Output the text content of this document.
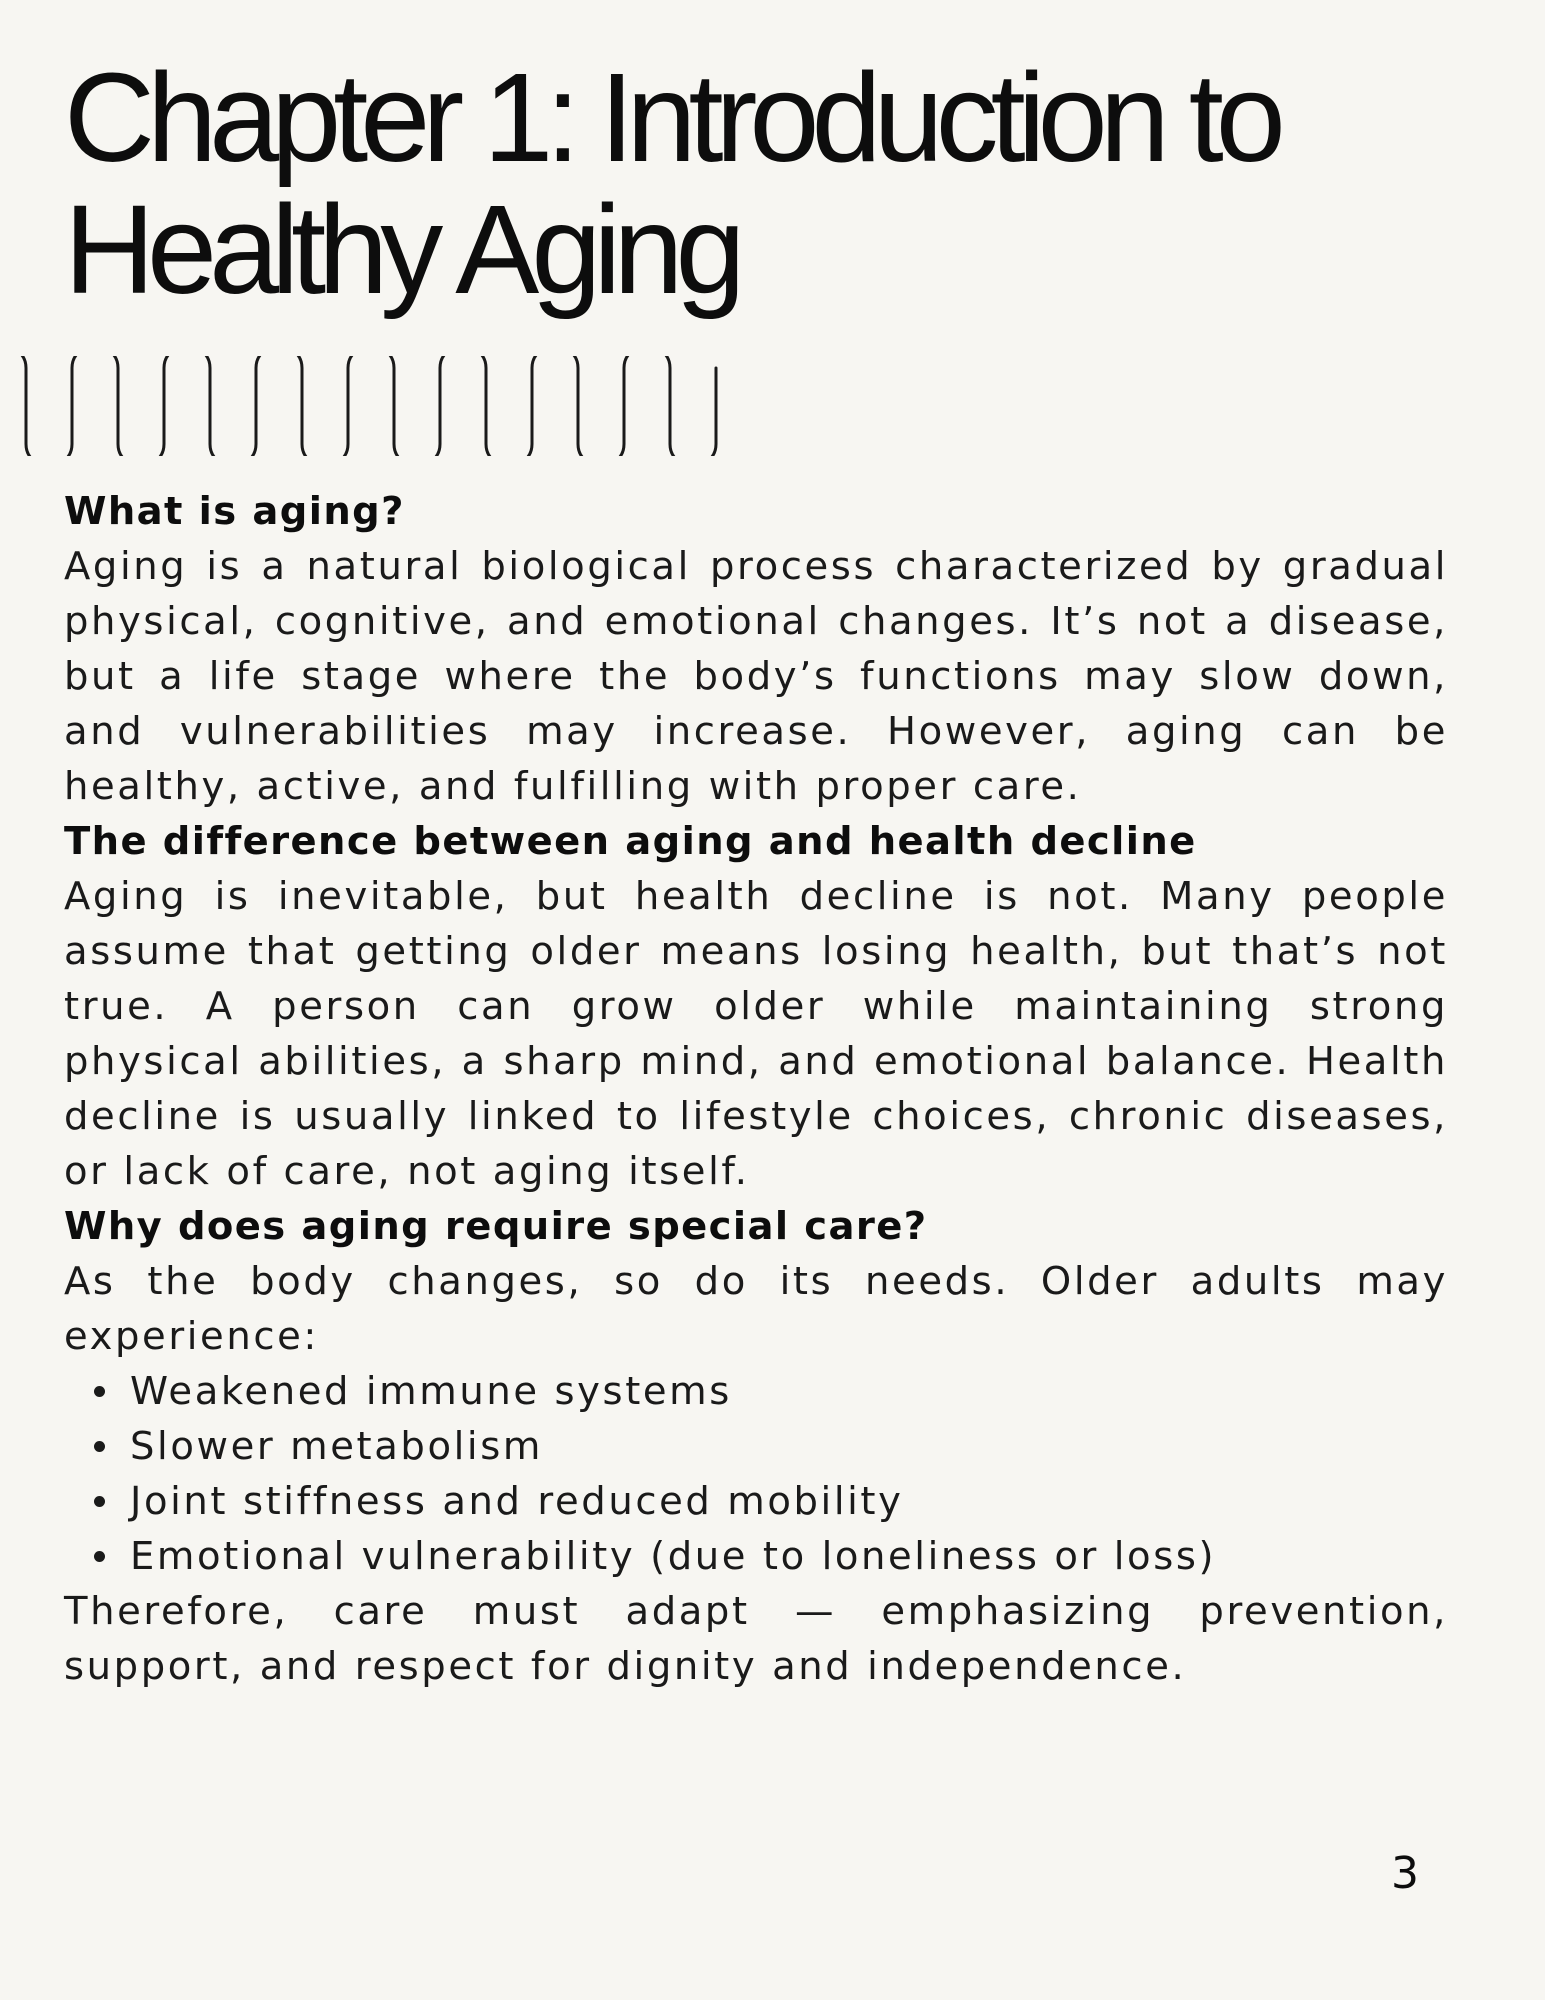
Chapter 1: Introduction to
Healthy Aging
What is aging?

Aging is a natural biological process characterized by gradual physical, cognitive, and emotional changes. It’s not a disease, but a life stage where the body’s functions may slow down, and vulnerabilities may increase. However, aging can be healthy, active, and fulfilling with proper care.

The difference between aging and health decline

Aging is inevitable, but health decline is not. Many people assume that getting older means losing health, but that’s not true. A person can grow older while maintaining strong physical abilities, a sharp mind, and emotional balance. Health decline is usually linked to lifestyle choices, chronic diseases, or lack of care, not aging itself.

Why does aging require special care?

As the body changes, so do its needs. Older adults may experience:

Weakened immune systems
Slower metabolism
Joint stiffness and reduced mobility
Emotional vulnerability (due to loneliness or loss)

Therefore, care must adapt — emphasizing prevention, support, and respect for dignity and independence.

3
